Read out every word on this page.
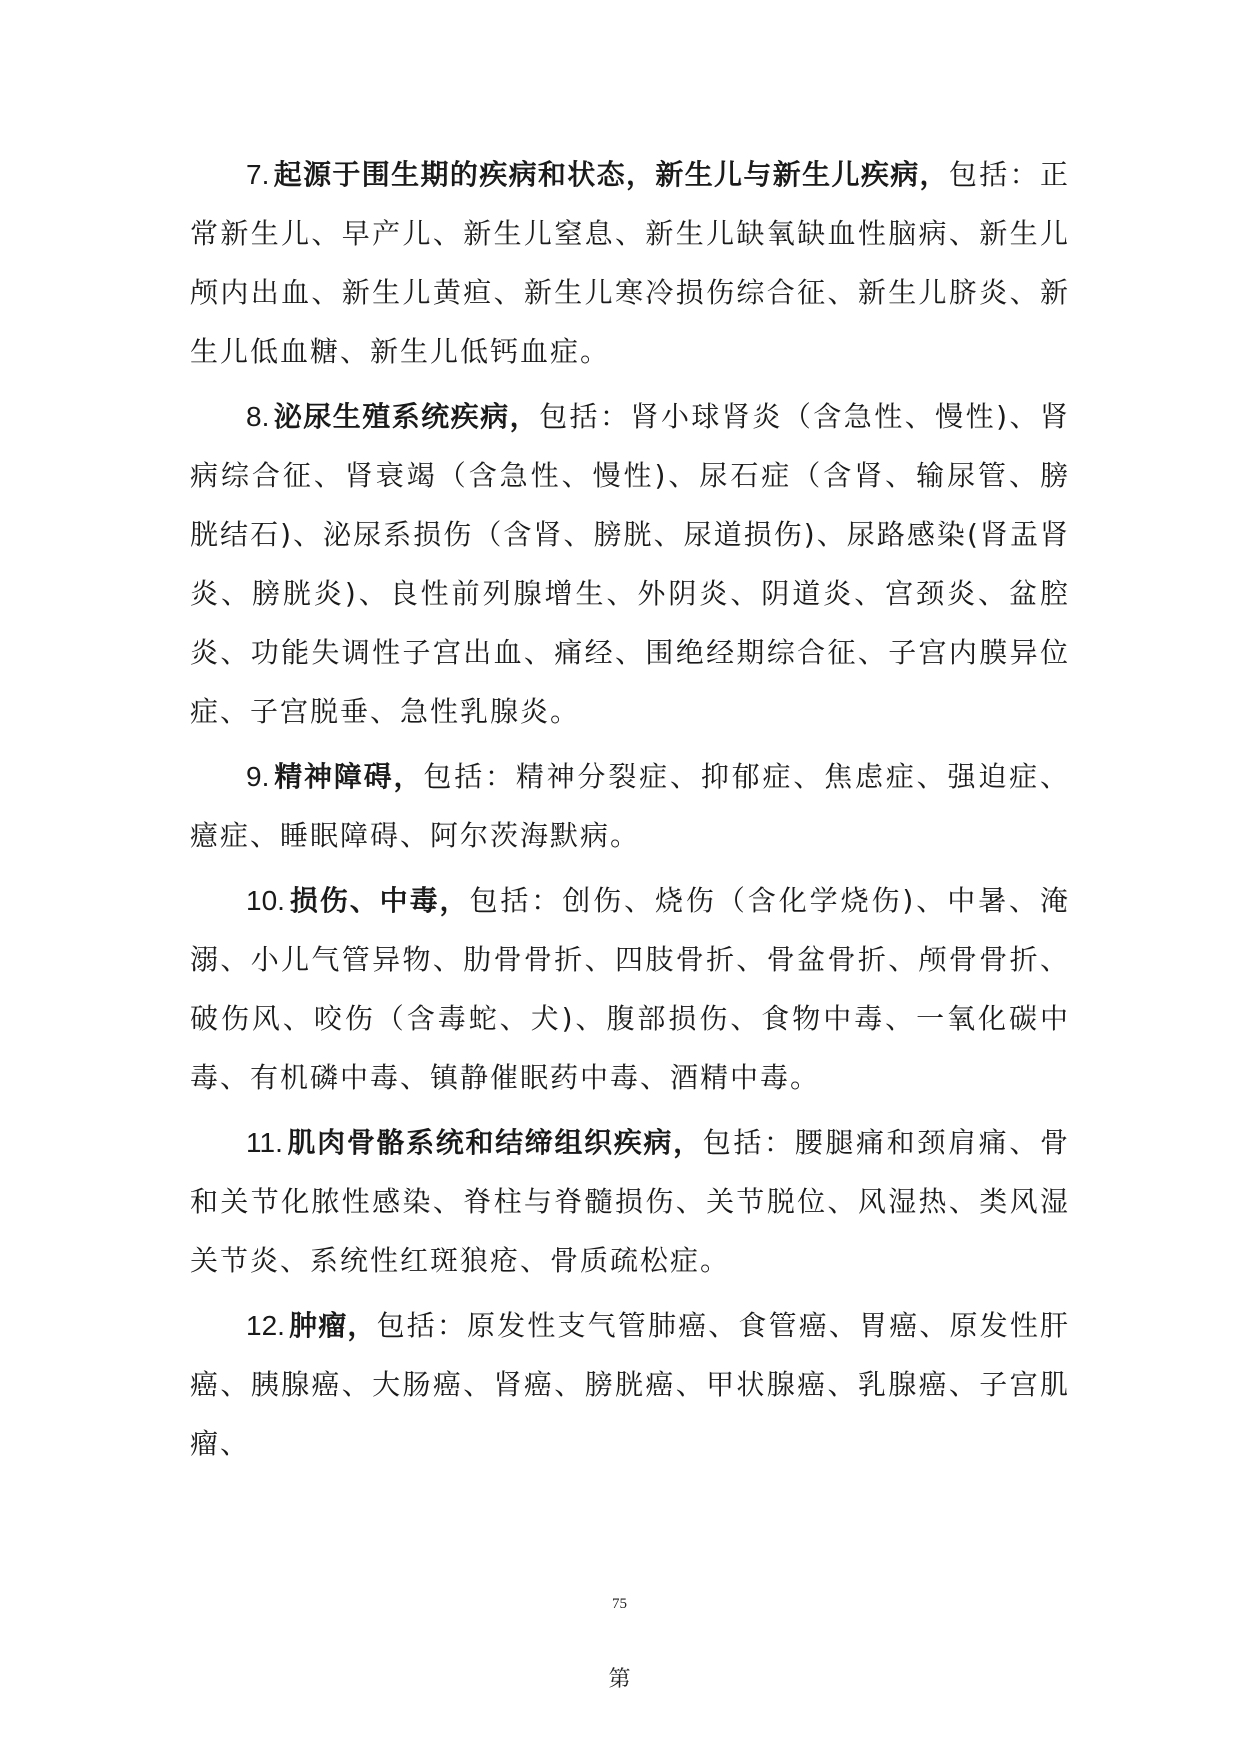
7. 起源于围生期的疾病和状态，新生儿与新生儿疾病，包括：正常新生儿、早产儿、新生儿窒息、新生儿缺氧缺血性脑病、新生儿颅内出血、新生儿黄疸、新生儿寒冷损伤综合征、新生儿脐炎、新生儿低血糖、新生儿低钙血症。

8. 泌尿生殖系统疾病，包括：肾小球肾炎（含急性、慢性)、肾病综合征、肾衰竭（含急性、慢性)、尿石症（含肾、输尿管、膀胱结石)、泌尿系损伤（含肾、膀胱、尿道损伤)、尿路感染(肾盂肾炎、膀胱炎)、良性前列腺增生、外阴炎、阴道炎、宫颈炎、盆腔炎、功能失调性子宫出血、痛经、围绝经期综合征、子宫内膜异位症、子宫脱垂、急性乳腺炎。

9. 精神障碍，包括：精神分裂症、抑郁症、焦虑症、强迫症、癔症、睡眠障碍、阿尔茨海默病。

10. 损伤、中毒，包括：创伤、烧伤（含化学烧伤)、中暑、淹溺、小儿气管异物、肋骨骨折、四肢骨折、骨盆骨折、颅骨骨折、破伤风、咬伤（含毒蛇、犬)、腹部损伤、食物中毒、一氧化碳中毒、有机磷中毒、镇静催眠药中毒、酒精中毒。

11. 肌肉骨骼系统和结缔组织疾病，包括：腰腿痛和颈肩痛、骨和关节化脓性感染、脊柱与脊髓损伤、关节脱位、风湿热、类风湿关节炎、系统性红斑狼疮、骨质疏松症。

12. 肿瘤，包括：原发性支气管肺癌、食管癌、胃癌、原发性肝癌、胰腺癌、大肠癌、肾癌、膀胱癌、甲状腺癌、乳腺癌、子宫肌瘤、

75
第
